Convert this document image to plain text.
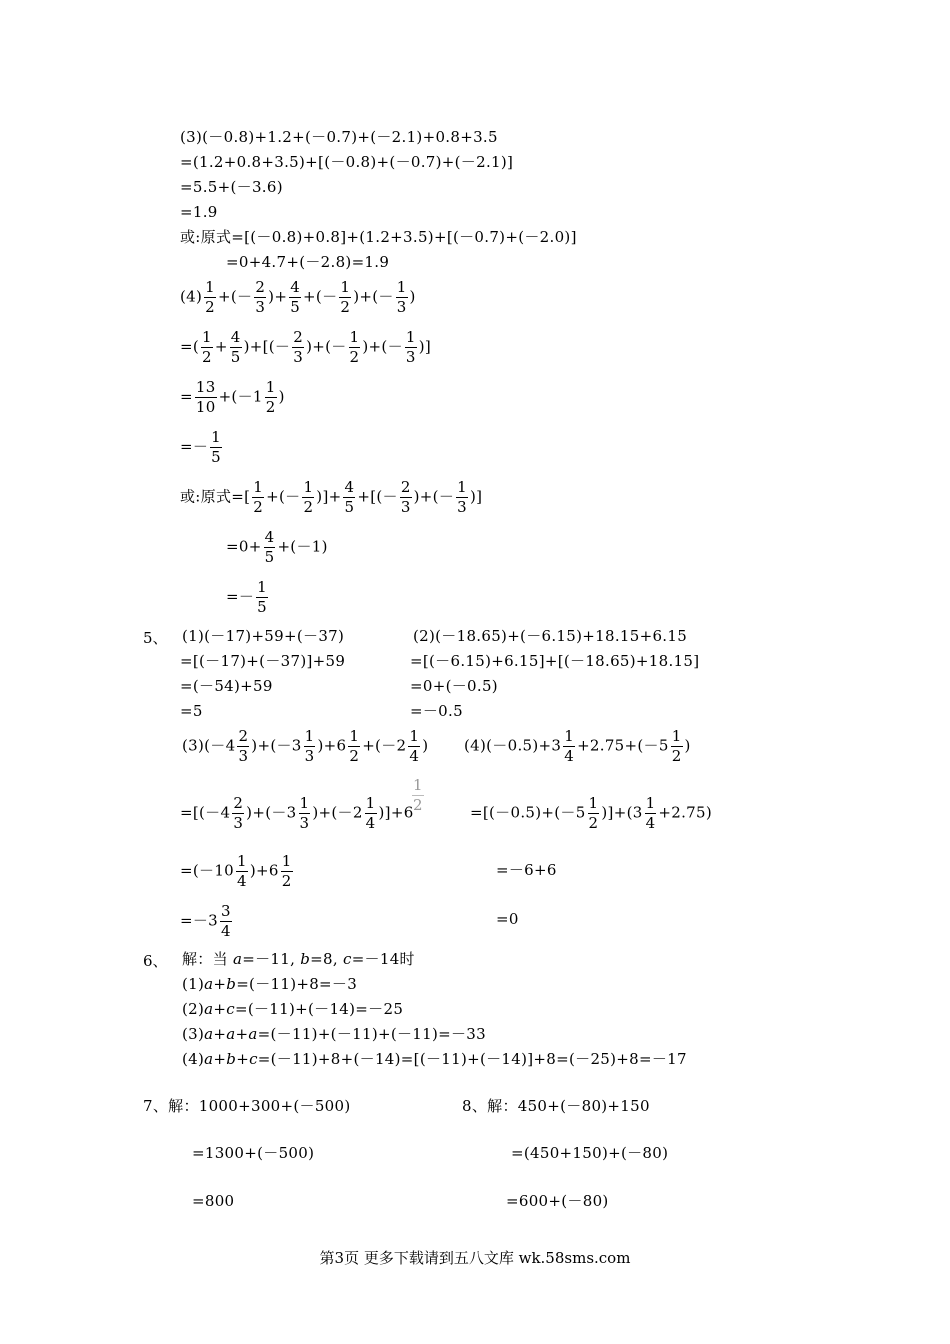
(3)(－0.8)+1.2+(－0.7)+(－2.1)+0.8+3.5
=(1.2+0.8+3.5)+[(－0.8)+(－0.7)+(－2.1)]
=5.5+(－3.6)
=1.9
或:原式=[(－0.8)+0.8]+(1.2+3.5)+[(－0.7)+(－2.0)]
=0+4.7+(－2.8)=1.9
$(4) \frac{1}{2}$ +(－ $\frac{2}{3}$ )+ $\frac{4}{5}$ +(－ $\frac{1}{2}$ )+(－ $\frac{1}{3}$ )
=( $\frac{1}{2} + \frac{4}{5}$ )+[(－ $\frac{2}{3}$ )+(－ $\frac{1}{2}$ )+(－ $\frac{1}{3}$ )]
= $\frac{13}{10} +(-1 \frac{1}{2}$ )
=－ $\frac{1}{5}$
或:原式=[ $\frac{1}{2}$ +(－ $\frac{1}{2}$ )]+ $\frac{4}{5}$ +[(－ $\frac{2}{3}$ )+(－ $\frac{1}{3}$ )]
$=0+ \frac{4}{5} +(-1)$
=－ $\frac{1}{5}$
5、 (1)(－17)+59+(－37)
=[(－17)+(－37)]+59
=(－54)+59
=5
(2)(－18.65)+(－6.15)+18.15+6.15
=[(－6.15)+6.15]+[(－18.65)+18.15]
=0+(－0.5)
=－0.5
$(3)(-4 \frac{2}{3} )+(-3 \frac{1}{3} )+6 \frac{1}{2} +(-2 \frac{1}{4}$ ) $(4)(-0.5)+3 \frac{1}{4} +2.75+(-5 \frac{1}{2}$ )
$=[(-4 \frac{2}{3} )+(-3 \frac{1}{3} )+(-2 \frac{1}{4} )]+6$
$\frac{1}{2}$	$=[(-0.5)+(-5 \frac{1}{2} )]+(3 \frac{1}{4} +2.75)$
$=(-10 \frac{1}{4} )+6 \frac{1}{2}$	=－6+6
$=-3 \frac{3}{4}$	=0
6、 解：当 a=－11, b=8, c=－14时
(1)a+b=(－11)+8=－3
(2)a+c=(－11)+(－14)=－25
(3)a+a+a=(－11)+(－11)+(－11)=－33
(4)a+b+c=(－11)+8+(－14)=[(－11)+(－14)]+8=(－25)+8=－17
7、解：1000+300+(－500)
=1300+(－500)
=800
8、解：450+(－80)+150
=(450+150)+(－80)
=600+(－80)
第3页 更多下载请到五八文库 wk.58sms.com
